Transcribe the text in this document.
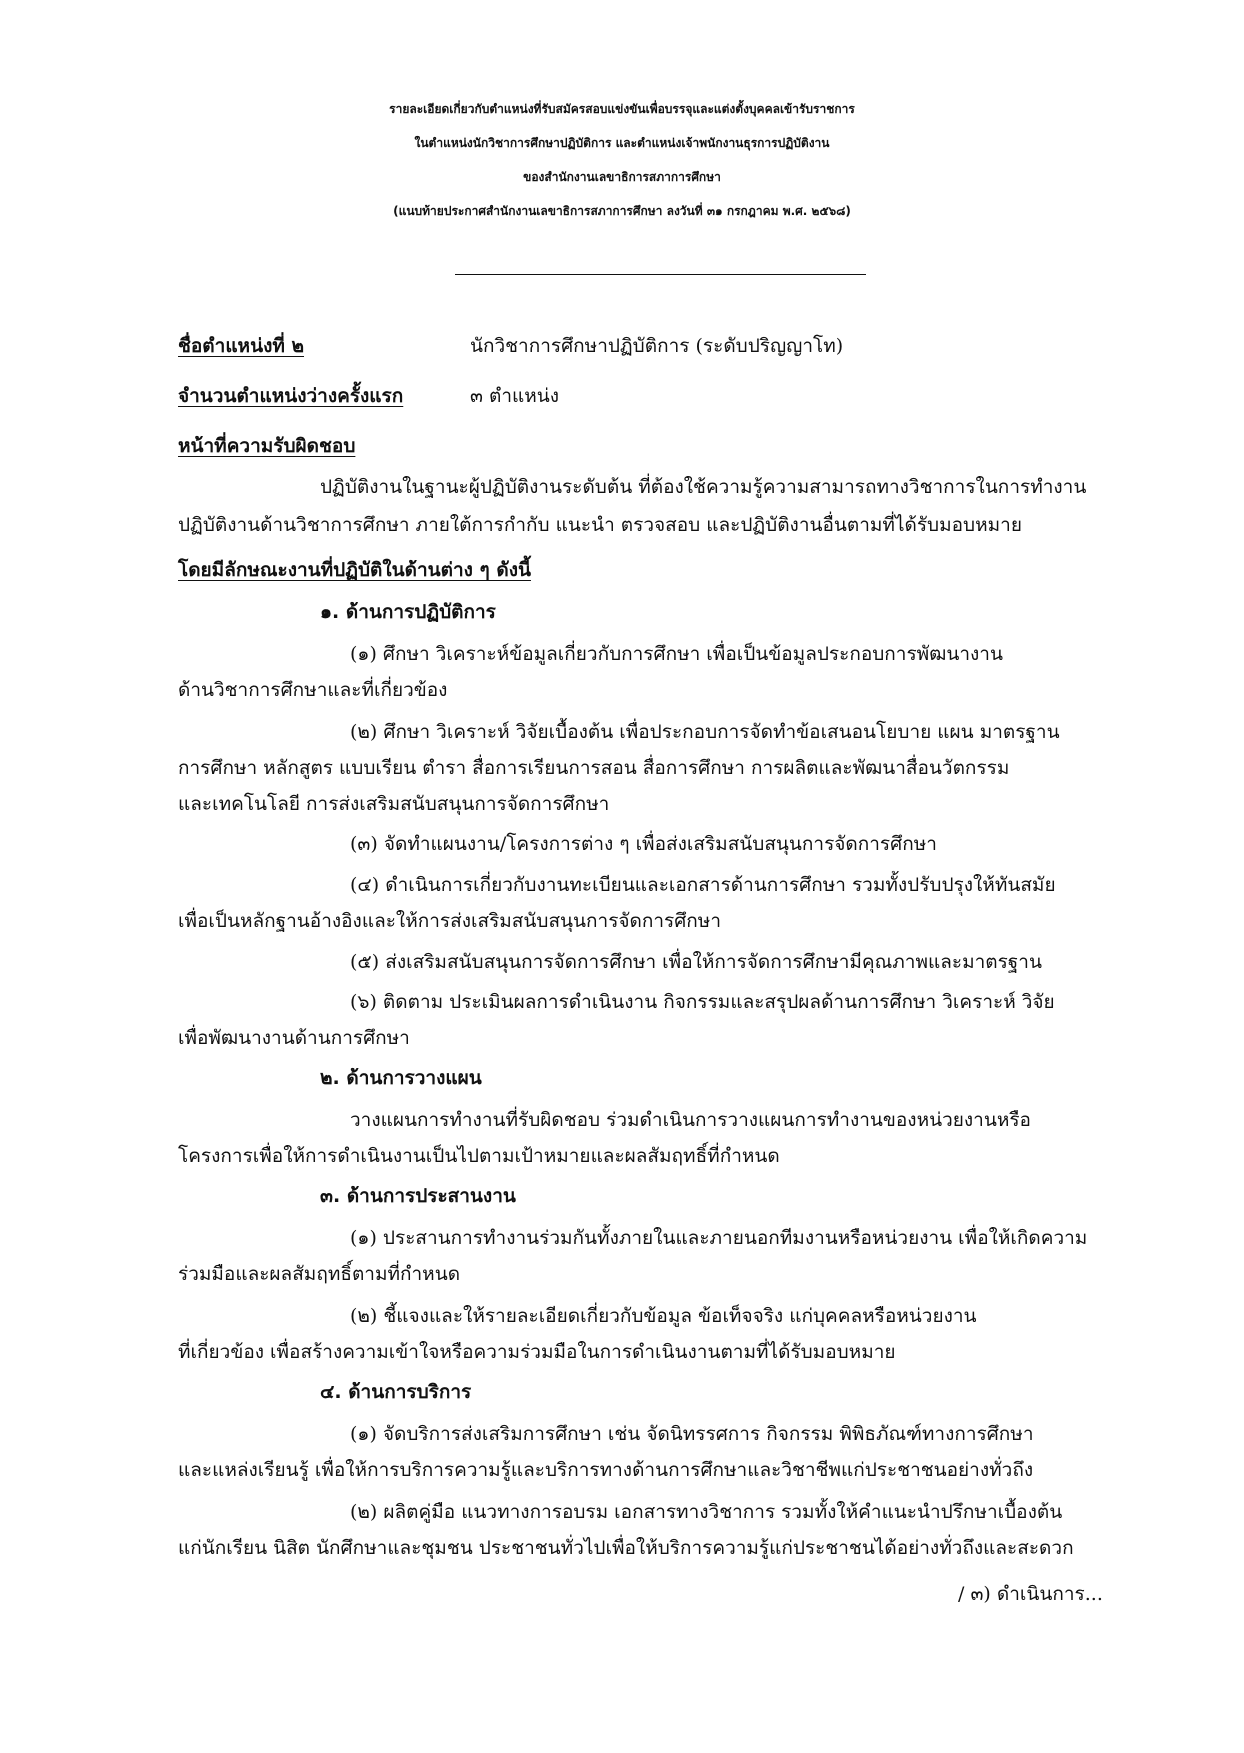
รายละเอียดเกี่ยวกับตำแหน่งที่รับสมัครสอบแข่งขันเพื่อบรรจุและแต่งตั้งบุคคลเข้ารับราชการ
ในตำแหน่งนักวิชาการศึกษาปฏิบัติการ และตำแหน่งเจ้าพนักงานธุรการปฏิบัติงาน
ของสำนักงานเลขาธิการสภาการศึกษา
(แนบท้ายประกาศสำนักงานเลขาธิการสภาการศึกษา ลงวันที่ ๓๑ กรกฎาคม พ.ศ. ๒๕๖๘)
ชื่อตำแหน่งที่ ๒	นักวิชาการศึกษาปฏิบัติการ (ระดับปริญญาโท)
จำนวนตำแหน่งว่างครั้งแรก	๓ ตำแหน่ง
หน้าที่ความรับผิดชอบ
ปฏิบัติงานในฐานะผู้ปฏิบัติงานระดับต้น ที่ต้องใช้ความรู้ความสามารถทางวิชาการในการทำงาน
ปฏิบัติงานด้านวิชาการศึกษา ภายใต้การกำกับ แนะนำ ตรวจสอบ และปฏิบัติงานอื่นตามที่ได้รับมอบหมาย
โดยมีลักษณะงานที่ปฏิบัติในด้านต่าง ๆ ดังนี้
๑. ด้านการปฏิบัติการ
(๑) ศึกษา วิเคราะห์ข้อมูลเกี่ยวกับการศึกษา เพื่อเป็นข้อมูลประกอบการพัฒนางาน
ด้านวิชาการศึกษาและที่เกี่ยวข้อง
(๒) ศึกษา วิเคราะห์ วิจัยเบื้องต้น เพื่อประกอบการจัดทำข้อเสนอนโยบาย แผน มาตรฐาน
การศึกษา หลักสูตร แบบเรียน ตำรา สื่อการเรียนการสอน สื่อการศึกษา การผลิตและพัฒนาสื่อนวัตกรรม
และเทคโนโลยี การส่งเสริมสนับสนุนการจัดการศึกษา
(๓) จัดทำแผนงาน/โครงการต่าง ๆ เพื่อส่งเสริมสนับสนุนการจัดการศึกษา
(๔) ดำเนินการเกี่ยวกับงานทะเบียนและเอกสารด้านการศึกษา รวมทั้งปรับปรุงให้ทันสมัย
เพื่อเป็นหลักฐานอ้างอิงและให้การส่งเสริมสนับสนุนการจัดการศึกษา
(๕) ส่งเสริมสนับสนุนการจัดการศึกษา เพื่อให้การจัดการศึกษามีคุณภาพและมาตรฐาน
(๖) ติดตาม ประเมินผลการดำเนินงาน กิจกรรมและสรุปผลด้านการศึกษา วิเคราะห์ วิจัย
เพื่อพัฒนางานด้านการศึกษา
๒. ด้านการวางแผน
วางแผนการทำงานที่รับผิดชอบ ร่วมดำเนินการวางแผนการทำงานของหน่วยงานหรือ
โครงการเพื่อให้การดำเนินงานเป็นไปตามเป้าหมายและผลสัมฤทธิ์ที่กำหนด
๓. ด้านการประสานงาน
(๑) ประสานการทำงานร่วมกันทั้งภายในและภายนอกทีมงานหรือหน่วยงาน เพื่อให้เกิดความ
ร่วมมือและผลสัมฤทธิ์ตามที่กำหนด
(๒) ชี้แจงและให้รายละเอียดเกี่ยวกับข้อมูล ข้อเท็จจริง แก่บุคคลหรือหน่วยงาน
ที่เกี่ยวข้อง เพื่อสร้างความเข้าใจหรือความร่วมมือในการดำเนินงานตามที่ได้รับมอบหมาย
๔. ด้านการบริการ
(๑) จัดบริการส่งเสริมการศึกษา เช่น จัดนิทรรศการ กิจกรรม พิพิธภัณฑ์ทางการศึกษา
และแหล่งเรียนรู้ เพื่อให้การบริการความรู้และบริการทางด้านการศึกษาและวิชาชีพแก่ประชาชนอย่างทั่วถึง
(๒) ผลิตคู่มือ แนวทางการอบรม เอกสารทางวิชาการ รวมทั้งให้คำแนะนำปรึกษาเบื้องต้น
แก่นักเรียน นิสิต นักศึกษาและชุมชน ประชาชนทั่วไปเพื่อให้บริการความรู้แก่ประชาชนได้อย่างทั่วถึงและสะดวก
/ ๓) ดำเนินการ...
